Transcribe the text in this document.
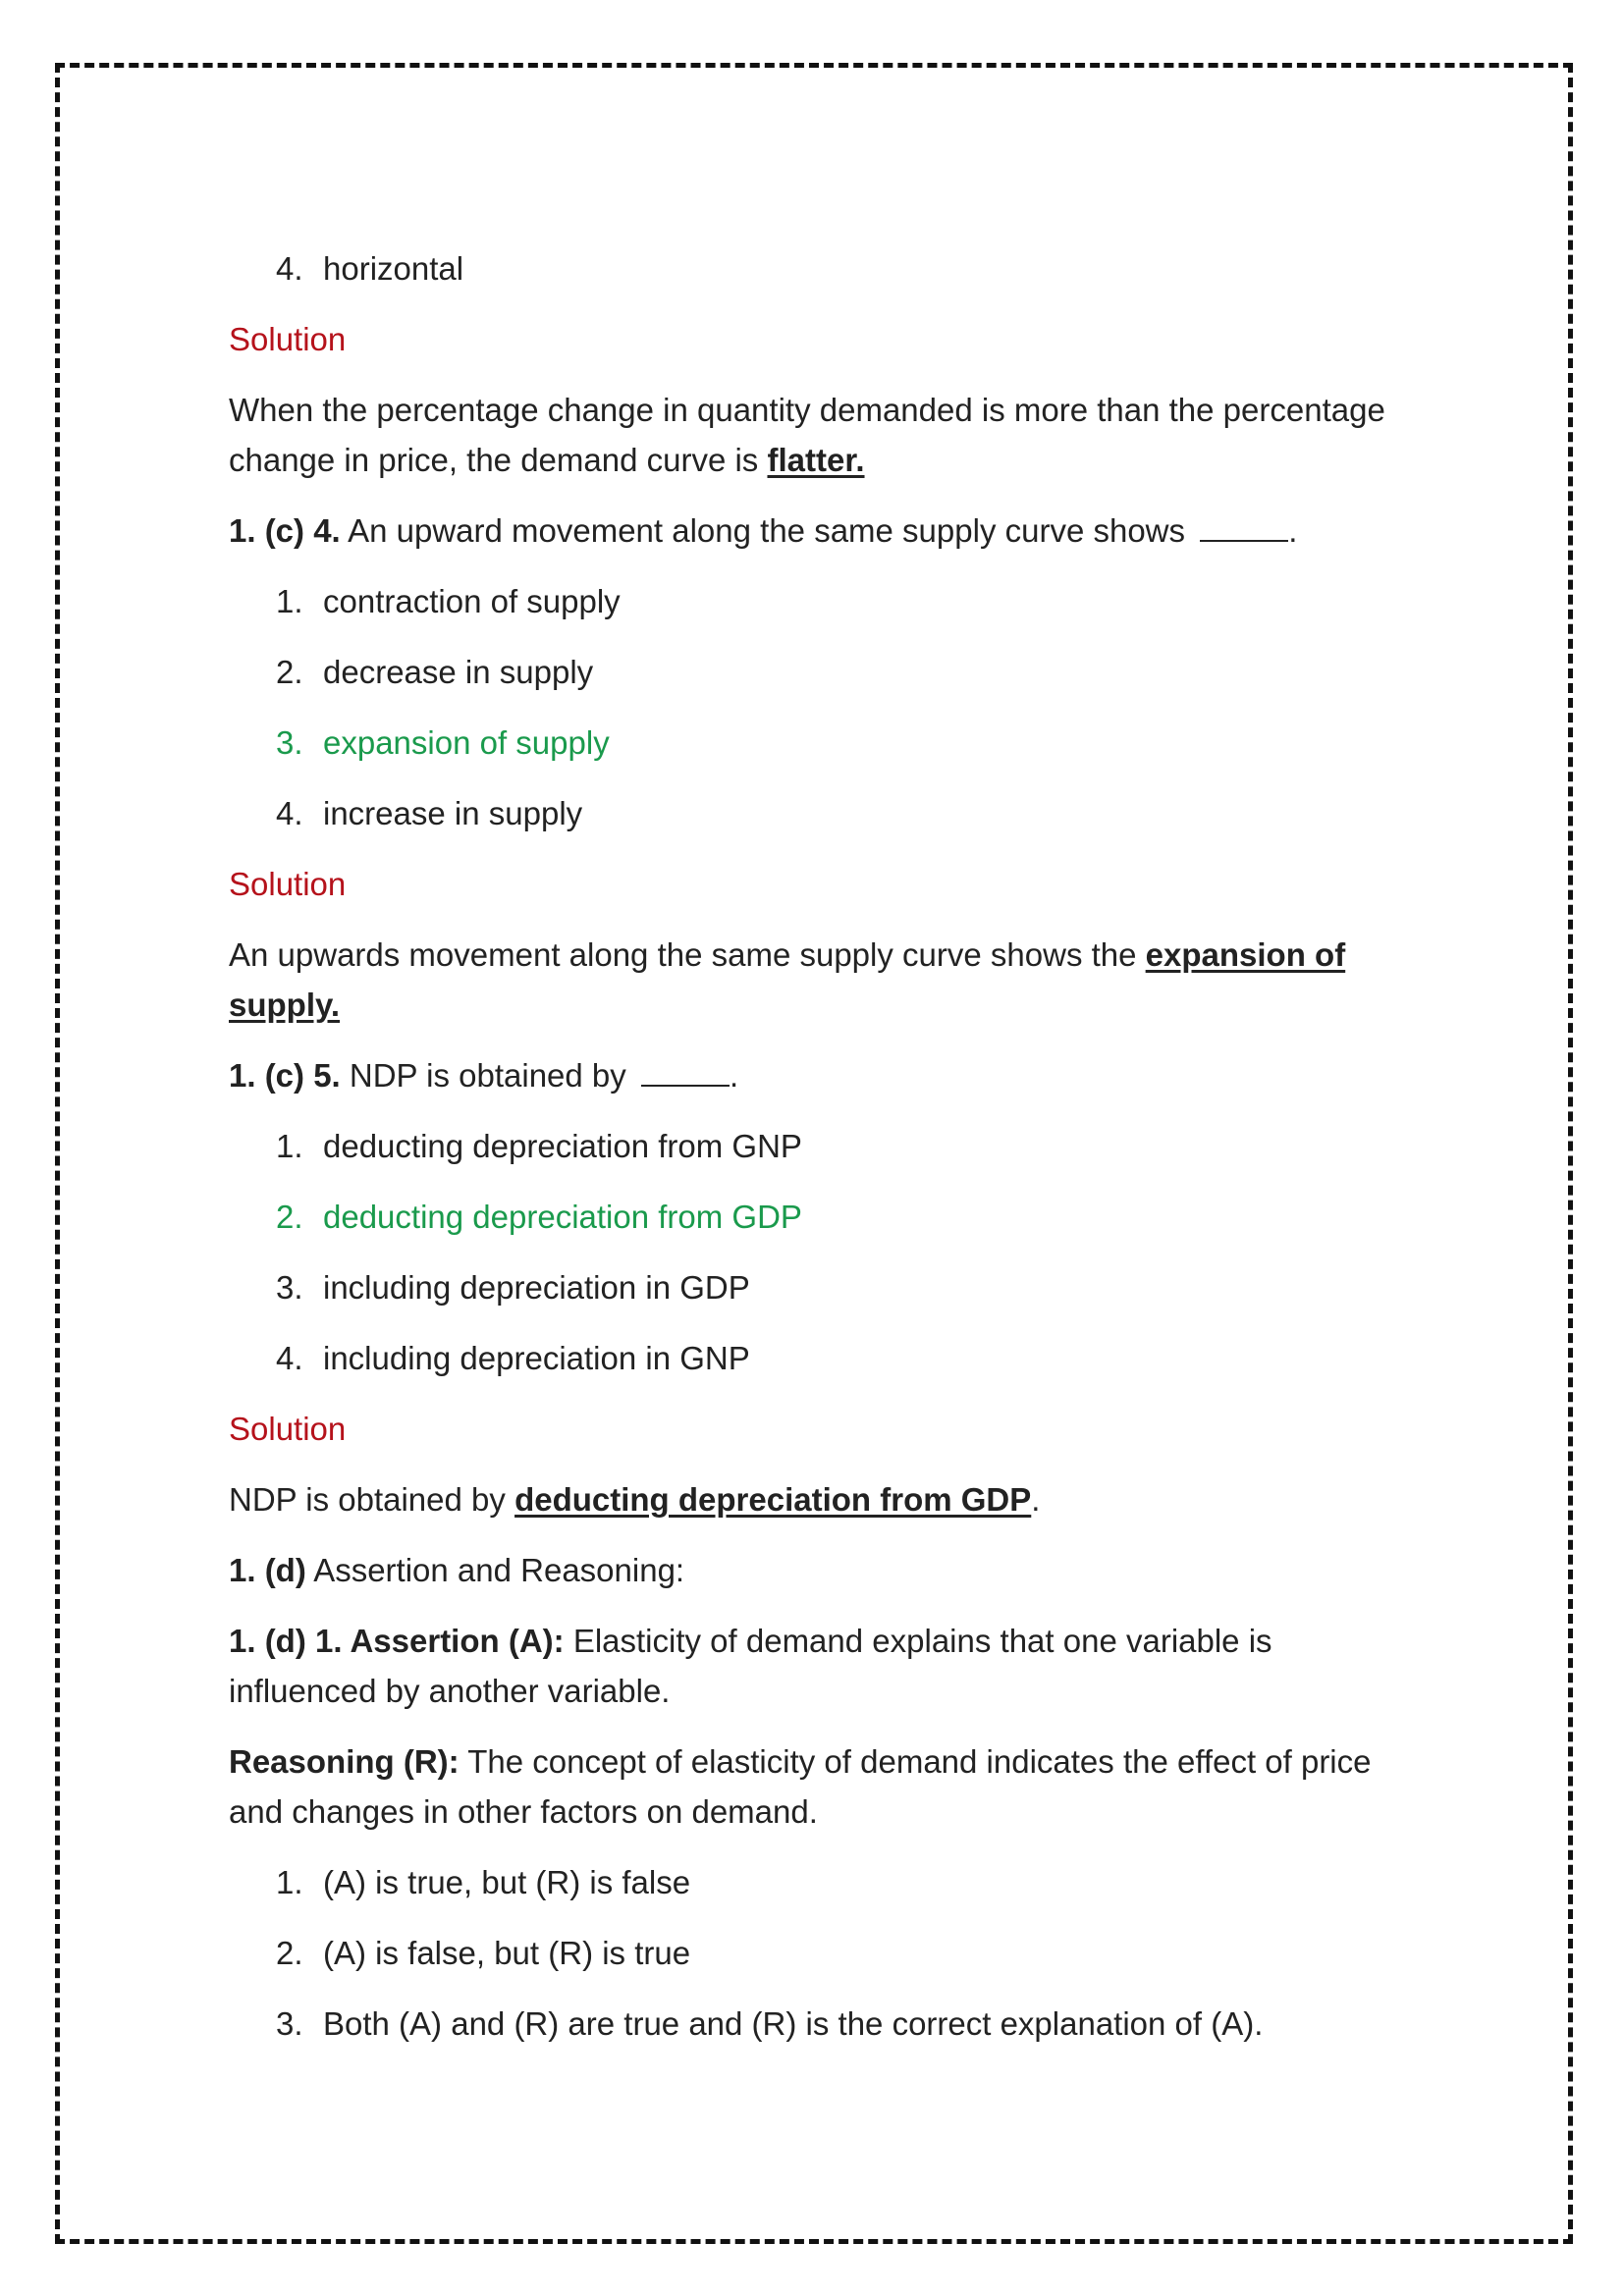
4. horizontal
Solution
When the percentage change in quantity demanded is more than the percentage change in price, the demand curve is flatter.
1. (c) 4. An upward movement along the same supply curve shows	.
1. contraction of supply
2. decrease in supply
3. expansion of supply
4. increase in supply
Solution
An upwards movement along the same supply curve shows the expansion of supply.
1. (c) 5. NDP is obtained by	.
1. deducting depreciation from GNP
2. deducting depreciation from GDP
3. including depreciation in GDP
4. including depreciation in GNP
Solution
NDP is obtained by deducting depreciation from GDP.
1. (d) Assertion and Reasoning:
1. (d) 1. Assertion (A): Elasticity of demand explains that one variable is influenced by another variable.
Reasoning (R): The concept of elasticity of demand indicates the effect of price and changes in other factors on demand.
1. (A) is true, but (R) is false
2. (A) is false, but (R) is true
3. Both (A) and (R) are true and (R) is the correct explanation of (A).
